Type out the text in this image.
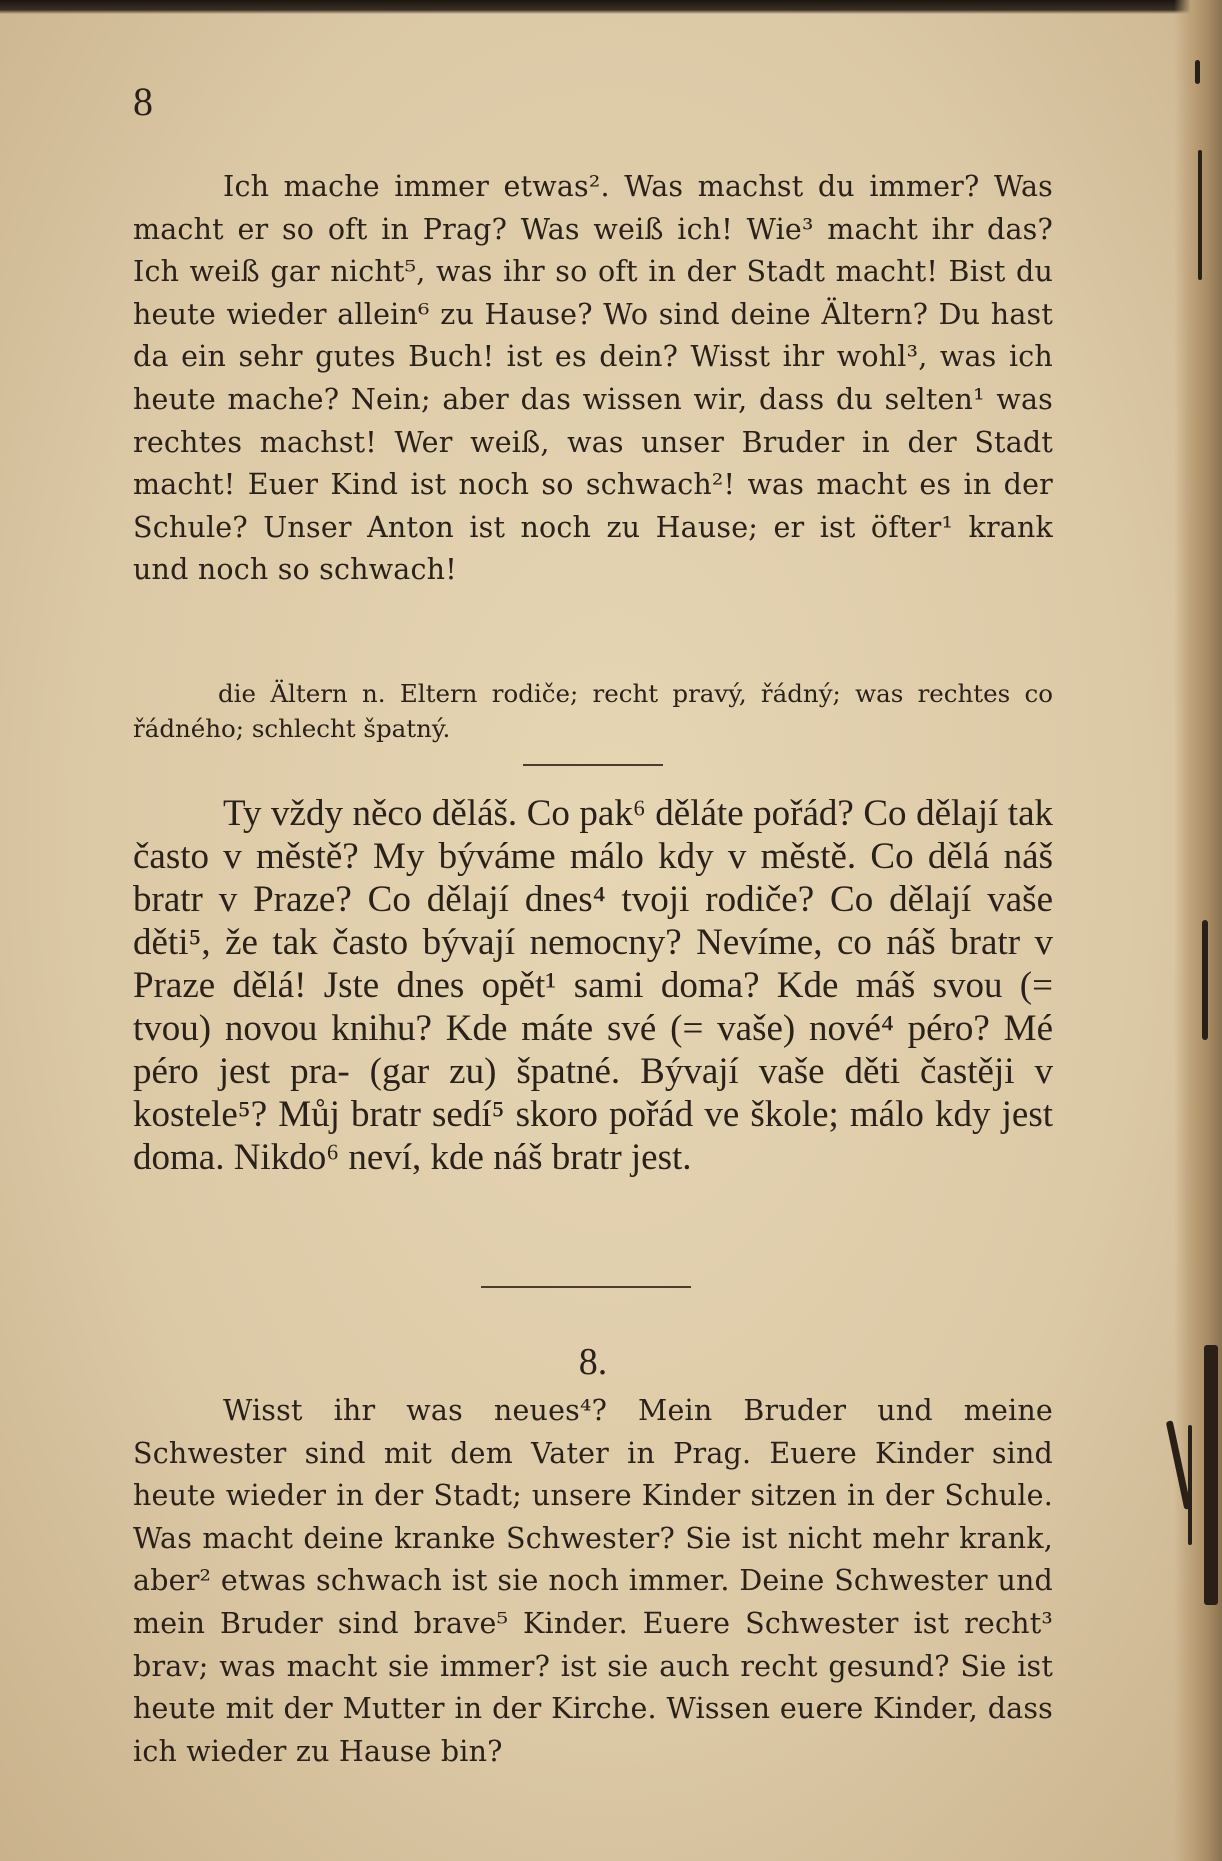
8

Ich mache immer etwas². Was machst du immer? Was macht er so oft in Prag? Was weiß ich! Wie³ macht ihr das? Ich weiß gar nicht⁵, was ihr so oft in der Stadt macht! Bist du heute wieder allein⁶ zu Hause? Wo sind deine Ältern? Du hast da ein sehr gutes Buch! ist es dein? Wisst ihr wohl³, was ich heute mache? Nein; aber das wissen wir, dass du selten¹ was rechtes machst! Wer weiß, was unser Bruder in der Stadt macht! Euer Kind ist noch so schwach²! was macht es in der Schule? Unser Anton ist noch zu Hause; er ist öfter¹ krank und noch so schwach!

die Ältern n. Eltern rodiče; recht pravý, řádný; was rechtes co řádného; schlecht špatný.

Ty vždy něco děláš. Co pak⁶ děláte pořád? Co dělají tak často v městě? My býváme málo kdy v městě. Co dělá náš bratr v Praze? Co dělají dnes⁴ tvoji rodiče? Co dělají vaše děti⁵, že tak často bývají nemocny? Nevíme, co náš bratr v Praze dělá! Jste dnes opět¹ sami doma? Kde máš svou (= tvou) novou knihu? Kde máte své (= vaše) nové⁴ péro? Mé péro jest pra- (gar zu) špatné. Bývají vaše děti častěji v kostele⁵? Můj bratr sedí⁵ skoro pořád ve škole; málo kdy jest doma. Nikdo⁶ neví, kde náš bratr jest.

8.

Wisst ihr was neues⁴? Mein Bruder und meine Schwester sind mit dem Vater in Prag. Euere Kinder sind heute wieder in der Stadt; unsere Kinder sitzen in der Schule. Was macht deine kranke Schwester? Sie ist nicht mehr krank, aber² etwas schwach ist sie noch immer. Deine Schwester und mein Bruder sind brave⁵ Kinder. Euere Schwester ist recht³ brav; was macht sie immer? ist sie auch recht gesund? Sie ist heute mit der Mutter in der Kirche. Wissen euere Kinder, dass ich wieder zu Hause bin?
